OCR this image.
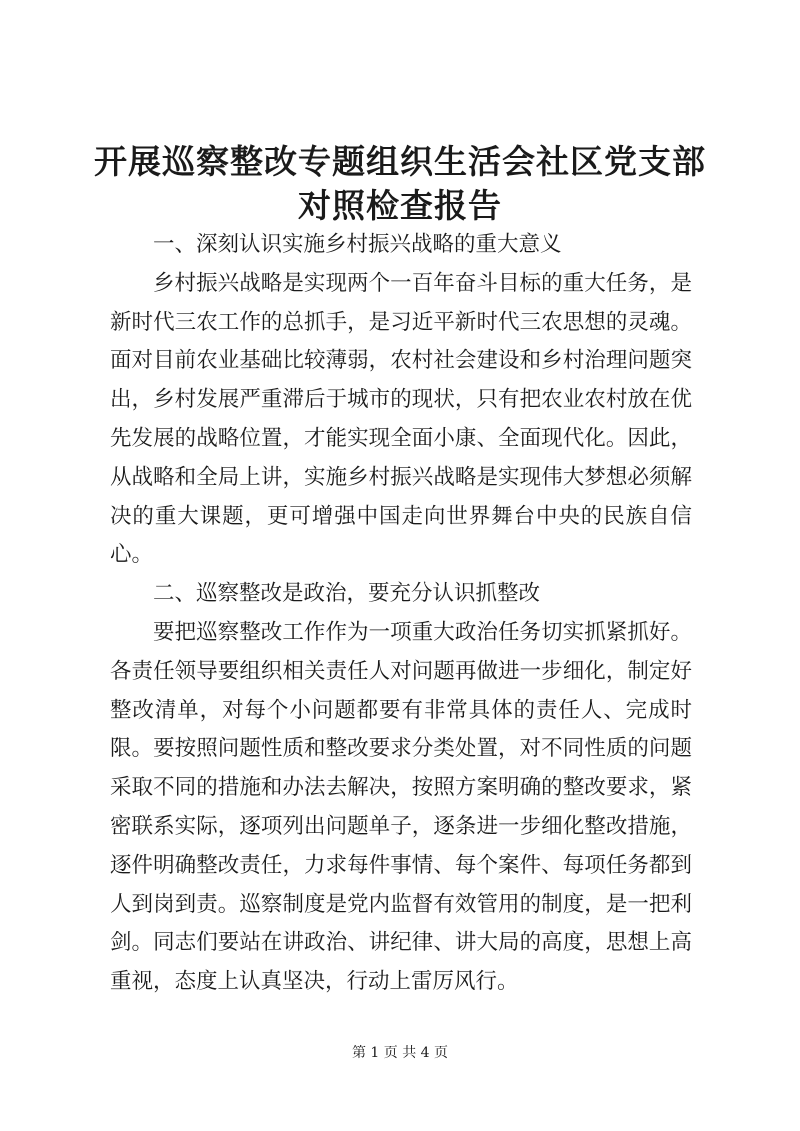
开展巡察整改专题组织生活会社区党支部对照检查报告

一、深刻认识实施乡村振兴战略的重大意义

乡村振兴战略是实现两个一百年奋斗目标的重大任务，是新时代三农工作的总抓手，是习近平新时代三农思想的灵魂。面对目前农业基础比较薄弱，农村社会建设和乡村治理问题突出，乡村发展严重滞后于城市的现状，只有把农业农村放在优先发展的战略位置，才能实现全面小康、全面现代化。因此，从战略和全局上讲，实施乡村振兴战略是实现伟大梦想必须解决的重大课题，更可增强中国走向世界舞台中央的民族自信心。

二、巡察整改是政治，要充分认识抓整改

要把巡察整改工作作为一项重大政治任务切实抓紧抓好。各责任领导要组织相关责任人对问题再做进一步细化，制定好整改清单，对每个小问题都要有非常具体的责任人、完成时限。要按照问题性质和整改要求分类处置，对不同性质的问题采取不同的措施和办法去解决，按照方案明确的整改要求，紧密联系实际，逐项列出问题单子，逐条进一步细化整改措施，逐件明确整改责任，力求每件事情、每个案件、每项任务都到人到岗到责。巡察制度是党内监督有效管用的制度，是一把利剑。同志们要站在讲政治、讲纪律、讲大局的高度，思想上高重视，态度上认真坚决，行动上雷厉风行。

第 1 页 共 4 页
